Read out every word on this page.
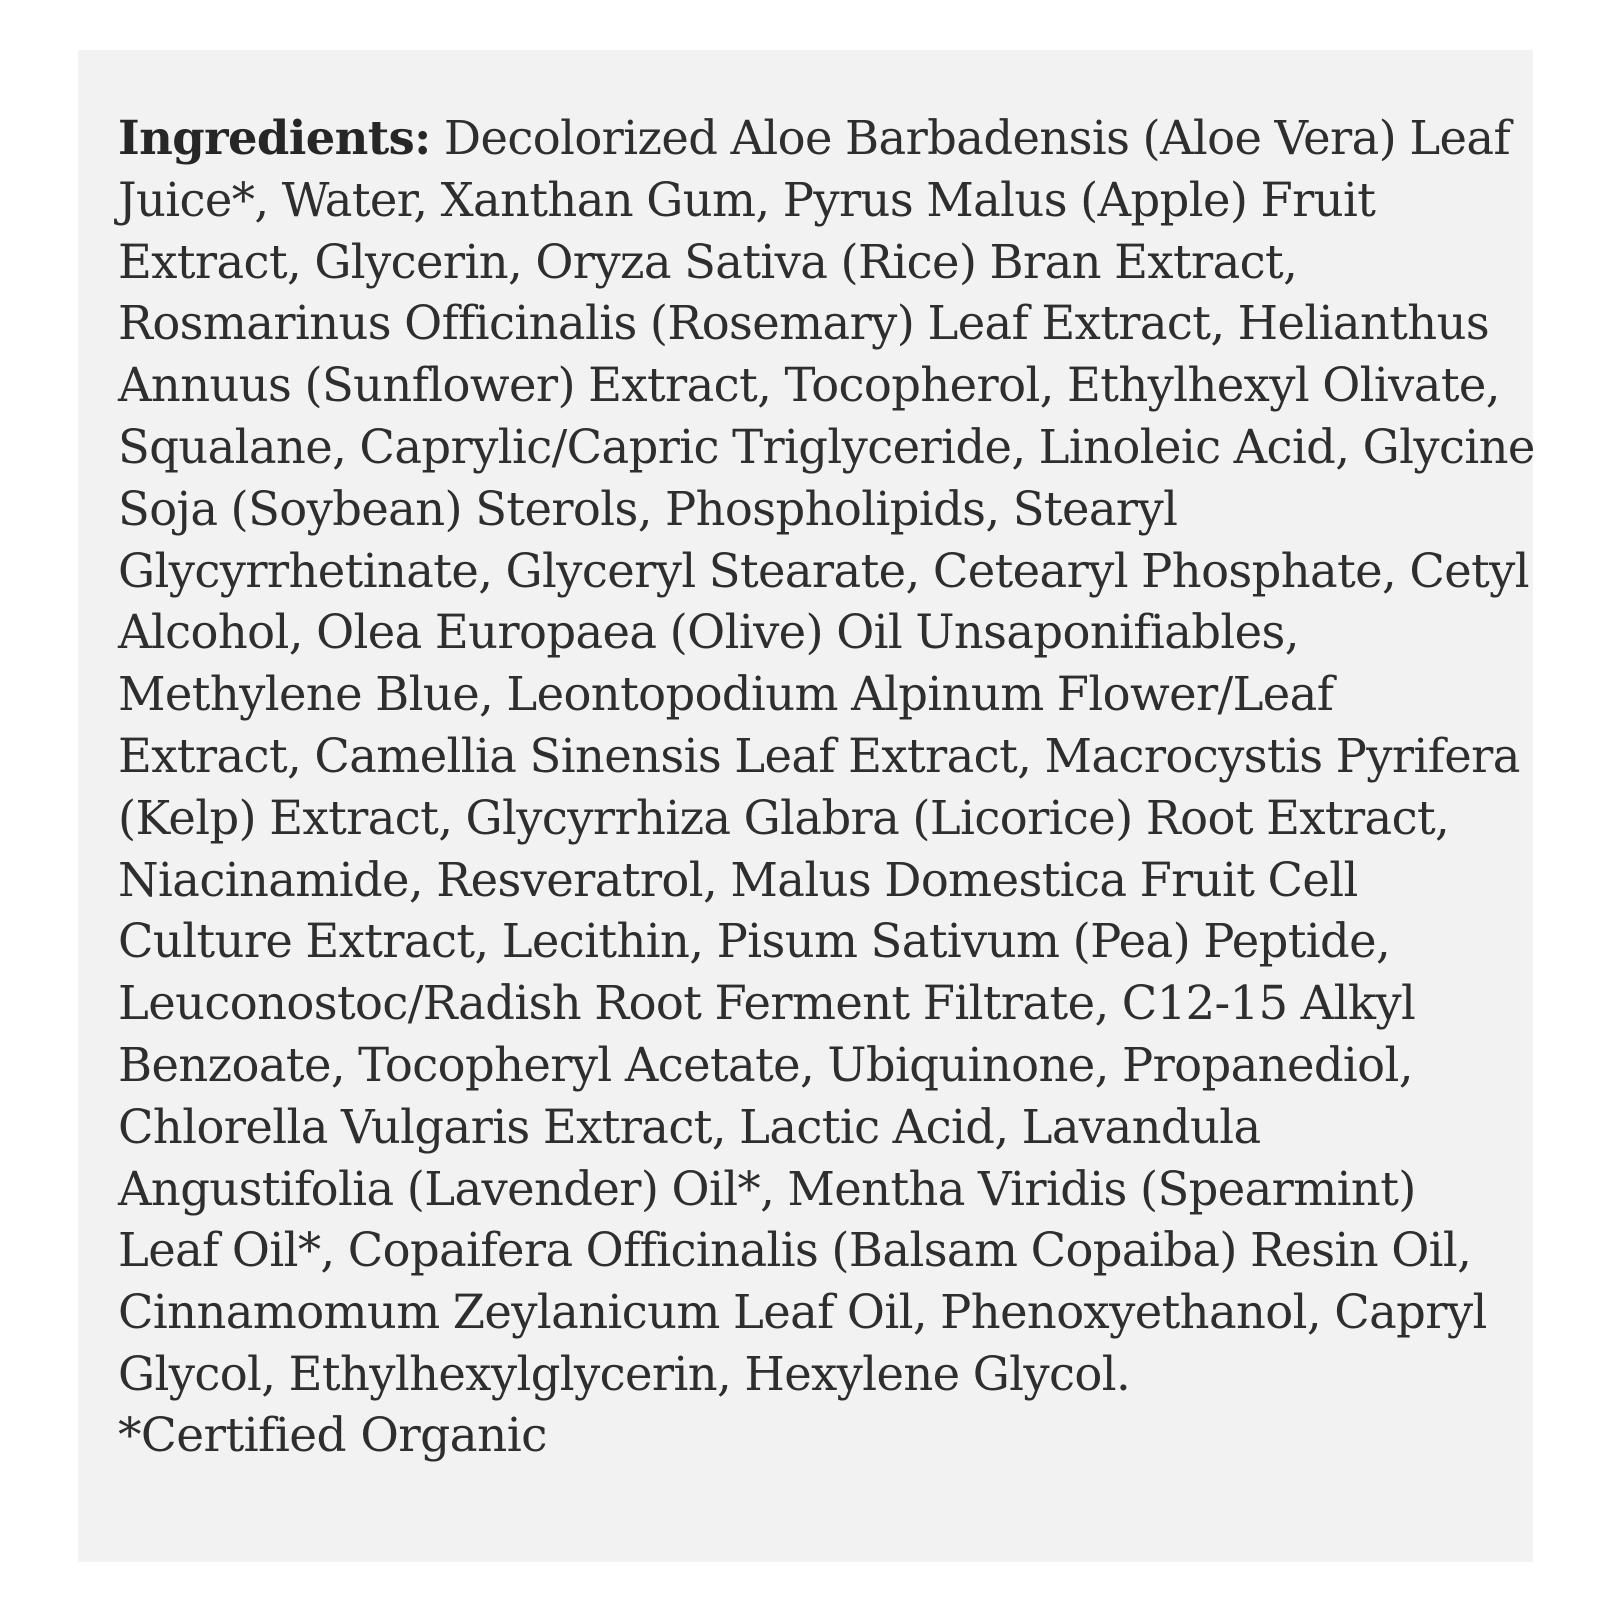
Ingredients: Decolorized Aloe Barbadensis (Aloe Vera) Leaf
Juice*, Water, Xanthan Gum, Pyrus Malus (Apple) Fruit
Extract, Glycerin, Oryza Sativa (Rice) Bran Extract,
Rosmarinus Officinalis (Rosemary) Leaf Extract, Helianthus
Annuus (Sunflower) Extract, Tocopherol, Ethylhexyl Olivate,
Squalane, Caprylic/Capric Triglyceride, Linoleic Acid, Glycine
Soja (Soybean) Sterols, Phospholipids, Stearyl
Glycyrrhetinate, Glyceryl Stearate, Cetearyl Phosphate, Cetyl
Alcohol, Olea Europaea (Olive) Oil Unsaponifiables,
Methylene Blue, Leontopodium Alpinum Flower/Leaf
Extract, Camellia Sinensis Leaf Extract, Macrocystis Pyrifera
(Kelp) Extract, Glycyrrhiza Glabra (Licorice) Root Extract,
Niacinamide, Resveratrol, Malus Domestica Fruit Cell
Culture Extract, Lecithin, Pisum Sativum (Pea) Peptide,
Leuconostoc/Radish Root Ferment Filtrate, C12-15 Alkyl
Benzoate, Tocopheryl Acetate, Ubiquinone, Propanediol,
Chlorella Vulgaris Extract, Lactic Acid, Lavandula
Angustifolia (Lavender) Oil*, Mentha Viridis (Spearmint)
Leaf Oil*, Copaifera Officinalis (Balsam Copaiba) Resin Oil,
Cinnamomum Zeylanicum Leaf Oil, Phenoxyethanol, Capryl
Glycol, Ethylhexylglycerin, Hexylene Glycol.
*Certified Organic
